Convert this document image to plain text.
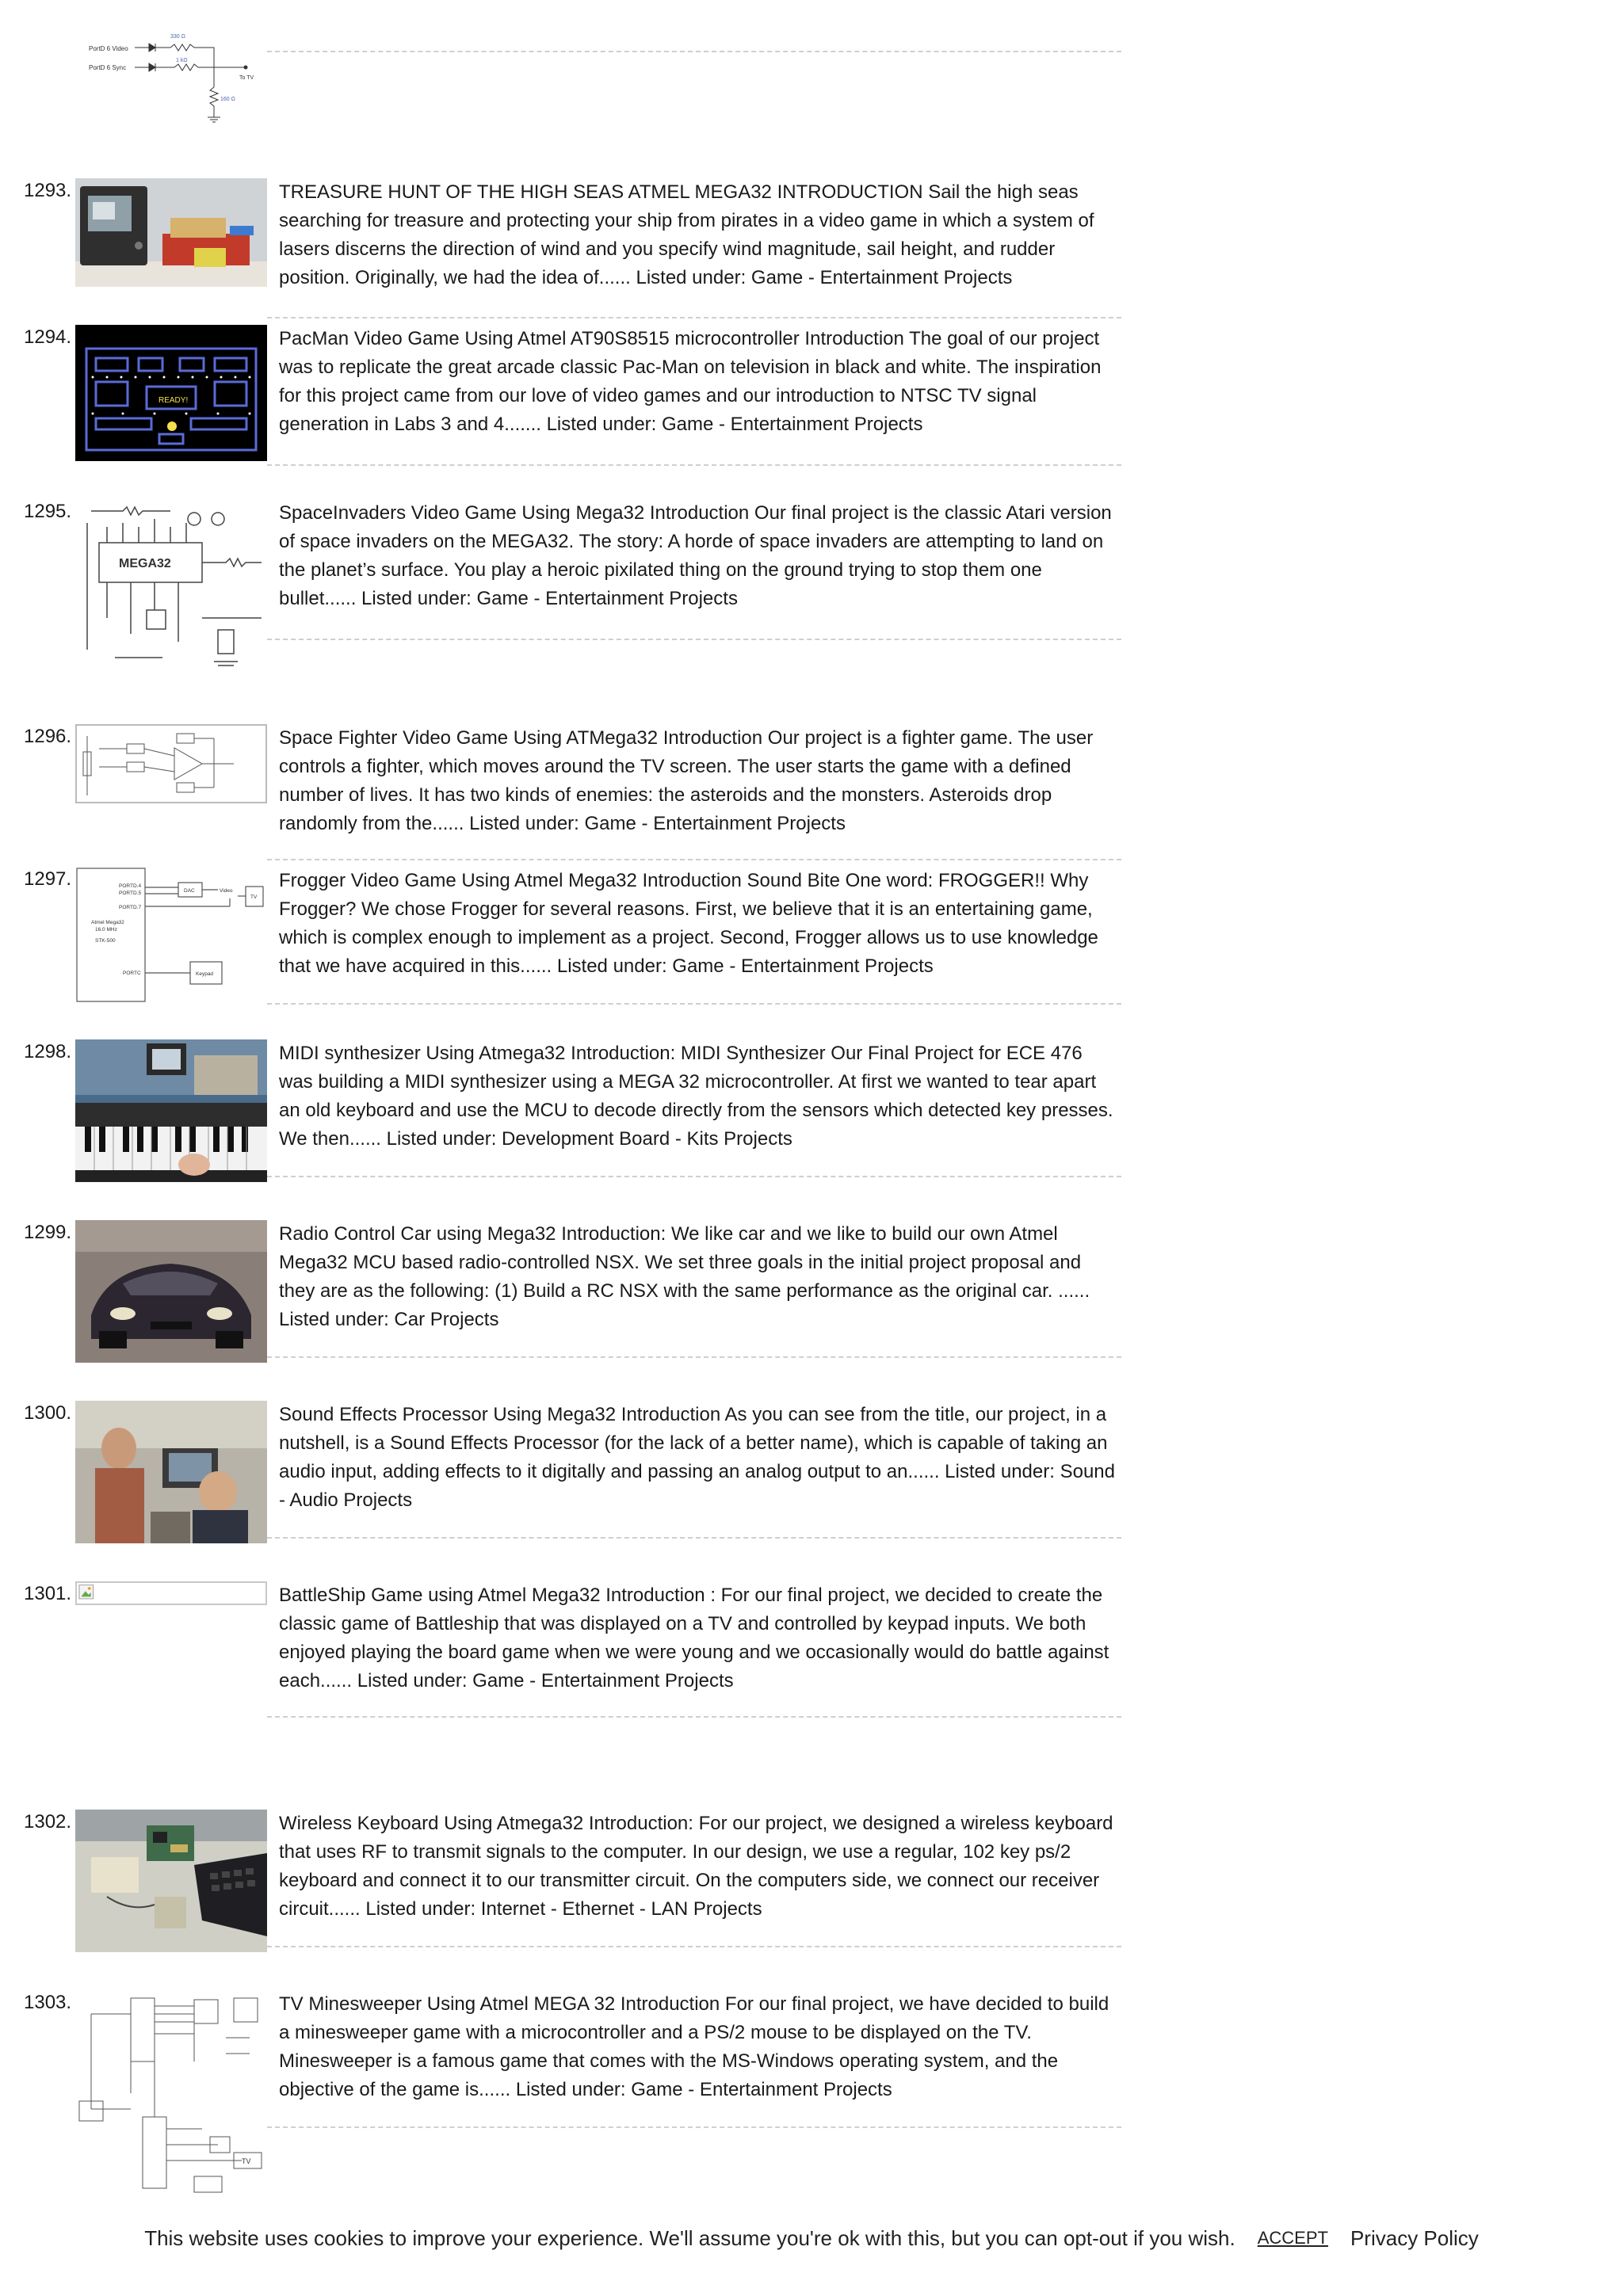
PortD 6 Video
PortD 6 Sync
330 Ω
1 kΩ
To TV
160 Ω
1293.	TREASURE HUNT OF THE HIGH SEAS ATMEL MEGA32 INTRODUCTION Sail the high seas searching for treasure and protecting your ship from pirates in a video game in which a system of lasers discerns the direction of wind and you specify wind magnitude, sail height, and rudder position. Originally, we had the idea of...... Listed under: Game - Entertainment Projects
1294.
READY!
PacMan Video Game Using Atmel AT90S8515 microcontroller Introduction The goal of our project was to replicate the great arcade classic Pac-Man on television in black and white. The inspiration for this project came from our love of video games and our introduction to NTSC TV signal generation in Labs 3 and 4....... Listed under: Game - Entertainment Projects
1295.
MEGA32
SpaceInvaders Video Game Using Mega32 Introduction Our final project is the classic Atari version of space invaders on the MEGA32. The story: A horde of space invaders are attempting to land on the planet’s surface. You play a heroic pixilated thing on the ground trying to stop them one bullet...... Listed under: Game - Entertainment Projects
1296.	Space Fighter Video Game Using ATMega32 Introduction Our project is a fighter game. The user controls a fighter, which moves around the TV screen. The user starts the game with a defined number of lives. It has two kinds of enemies: the asteroids and the monsters. Asteroids drop randomly from the...... Listed under: Game - Entertainment Projects
1297.	PORTD.4
PORTD.5
PORTD.7
Atmel Mega32
16.0 MHz
STK-500
PORTC
DAC	Video
TV
Keypad
Frogger Video Game Using Atmel Mega32 Introduction Sound Bite One word: FROGGER!! Why Frogger? We chose Frogger for several reasons. First, we believe that it is an entertaining game, which is complex enough to implement as a project. Second, Frogger allows us to use knowledge that we have acquired in this...... Listed under: Game - Entertainment Projects
1298.	MIDI synthesizer Using Atmega32 Introduction: MIDI Synthesizer Our Final Project for ECE 476 was building a MIDI synthesizer using a MEGA 32 microcontroller. At first we wanted to tear apart an old keyboard and use the MCU to decode directly from the sensors which detected key presses. We then...... Listed under: Development Board - Kits Projects
1299.	Radio Control Car using Mega32 Introduction: We like car and we like to build our own Atmel Mega32 MCU based radio-controlled NSX. We set three goals in the initial project proposal and they are as the following: (1) Build a RC NSX with the same performance as the original car. ...... Listed under: Car Projects
1300.	Sound Effects Processor Using Mega32 Introduction As you can see from the title, our project, in a nutshell, is a Sound Effects Processor (for the lack of a better name), which is capable of taking an audio input, adding effects to it digitally and passing an analog output to an...... Listed under: Sound - Audio Projects
1301.	BattleShip Game using Atmel Mega32 Introduction : For our final project, we decided to create the classic game of Battleship that was displayed on a TV and controlled by keypad inputs. We both enjoyed playing the board game when we were young and we occasionally would do battle against each...... Listed under: Game - Entertainment Projects
1302.	Wireless Keyboard Using Atmega32 Introduction: For our project, we designed a wireless keyboard that uses RF to transmit signals to the computer. In our design, we use a regular, 102 key ps/2 keyboard and connect it to our transmitter circuit. On the computers side, we connect our receiver circuit...... Listed under: Internet - Ethernet - LAN Projects
1303.
TV
TV Minesweeper Using Atmel MEGA 32 Introduction For our final project, we have decided to build a minesweeper game with a microcontroller and a PS/2 mouse to be displayed on the TV. Minesweeper is a famous game that comes with the MS-Windows operating system, and the objective of the game is...... Listed under: Game - Entertainment Projects
This website uses cookies to improve your experience. We'll assume you're ok with this, but you can opt-out if you wish. ACCEPT Privacy Policy
